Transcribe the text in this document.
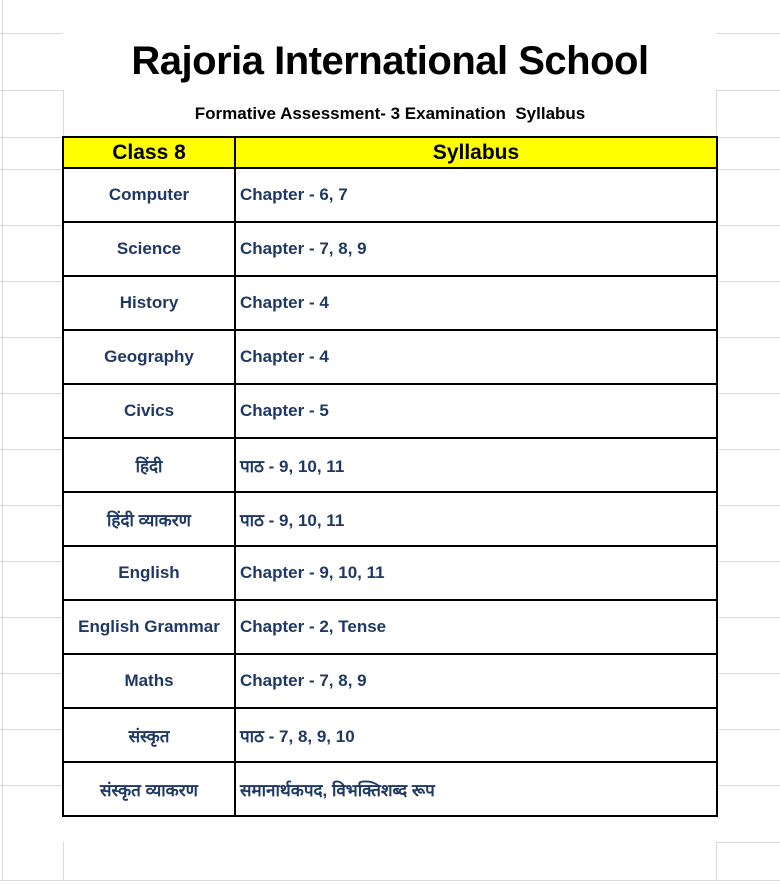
Rajoria International School
Formative Assessment- 3 Examination  Syllabus
Class 8	Syllabus
Computer	Chapter - 6, 7
Science	Chapter - 7, 8, 9
History	Chapter - 4
Geography	Chapter - 4
Civics	Chapter - 5
हिंदी	पाठ - 9, 10, 11
हिंदी व्याकरण	पाठ - 9, 10, 11
English	Chapter - 9, 10, 11
English Grammar	Chapter - 2, Tense
Maths	Chapter - 7, 8, 9
संस्कृत	पाठ - 7, 8, 9, 10
संस्कृत व्याकरण	समानार्थकपद, विभक्तिशब्द रूप
